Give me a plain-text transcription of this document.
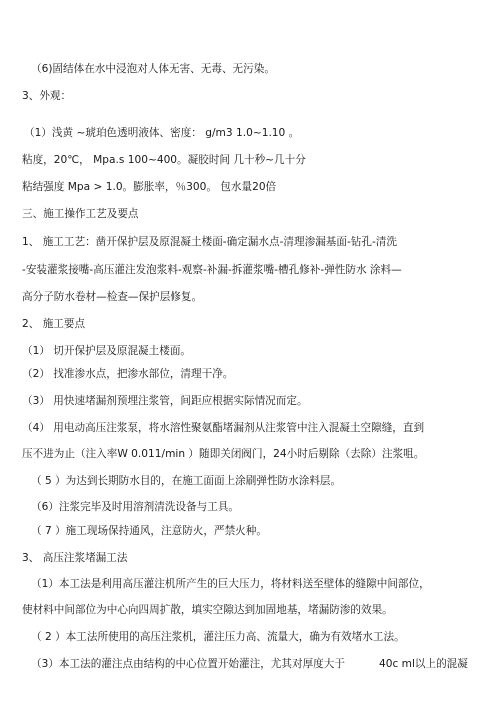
（6)固结体在水中浸泡对人体无害、无毒、无污染。
3、外观：
（1）浅黄 ~琥珀色透明液体、密度： g/m3 1.0~1.10 。
粘度，20℃， Mpa.s 100~400。凝胶时间 几十秒~几十分
粘结强度 Mpa > 1.0。膨胀率，％300。 包水量20倍
三、施工操作工艺及要点
1、 施工工艺：凿开保护层及原混凝土楼面-确定漏水点-清理渗漏基面-钻孔-清洗
-安装灌浆接嘴-高压灌注发泡浆料-观察-补漏-拆灌浆嘴-槽孔修补-弹性防水 涂料—
高分子防水卷材—检查—保护层修复。
2、 施工要点
（1） 切开保护层及原混凝土楼面。
（2） 找准渗水点，把渗水部位，清理干净。
（3） 用快速堵漏剂预埋注浆管，间距应根据实际情况而定。
（4） 用电动高压注浆泵，将水溶性聚氨酯堵漏剂从注浆管中注入混凝土空隙缝，直到
压不进为止（注入率W 0.011/min ）随即关闭阀门，24小时后剔除（去除）注浆咀。
（ 5 ）为达到长期防水目的，在施工面面上涂刷弹性防水涂料层。
（6）注浆完毕及时用溶剂清洗设备与工具。
（ 7 ）施工现场保持通风，注意防火，严禁火种。
3、 高压注浆堵漏工法
（1）本工法是利用高压灌注机所产生的巨大压力，将材料送至壁体的缝隙中间部位，
使材料中间部位为中心向四周扩散，填实空隙达到加固地基，堵漏防渗的效果。
（ 2 ）本工法所使用的高压注浆机，灌注压力高、流量大，确为有效堵水工法。
（3）本工法的灌注点由结构的中心位置开始灌注，尤其对厚度大于	40c ml以上的混凝
